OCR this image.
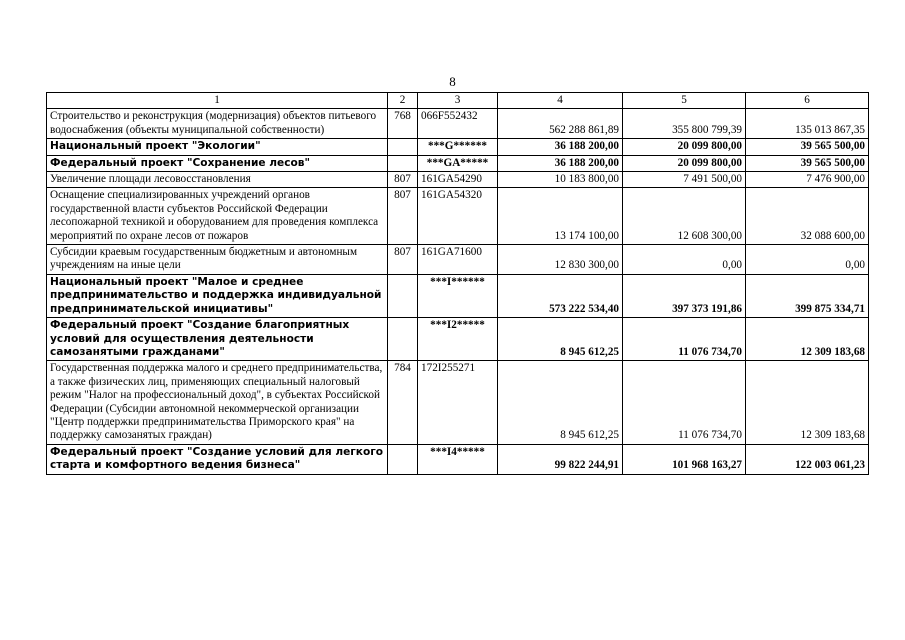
8
1	2	3	4	5	6
Строительство и реконструкция (модернизация) объектов питьевого водоснабжения (объекты муниципальной собственности)	768	066F552432	562 288 861,89	355 800 799,39	135 013 867,35
Национальный проект "Экологии"		***G******	36 188 200,00	20 099 800,00	39 565 500,00
Федеральный проект "Сохранение лесов"		***GA*****	36 188 200,00	20 099 800,00	39 565 500,00
Увеличение площади лесовосстановления	807	161GA54290	10 183 800,00	7 491 500,00	7 476 900,00
Оснащение специализированных учреждений органов государственной власти субъектов Российской Федерации лесопожарной техникой и оборудованием для проведения комплекса мероприятий по охране лесов от пожаров	807	161GA54320	13 174 100,00	12 608 300,00	32 088 600,00
Субсидии краевым государственным бюджетным и автономным учреждениям на иные цели	807	161GA71600	12 830 300,00	0,00	0,00
Национальный проект "Малое и среднее предпринимательство и поддержка индивидуальной предпринимательской инициативы"		***I******	573 222 534,40	397 373 191,86	399 875 334,71
Федеральный проект "Создание благоприятных условий для осуществления деятельности самозанятыми гражданами"		***I2*****	8 945 612,25	11 076 734,70	12 309 183,68
Государственная поддержка малого и среднего предпринимательства, а также физических лиц, применяющих специальный налоговый режим "Налог на профессиональный доход", в субъектах Российской Федерации (Субсидии автономной некоммерческой организации "Центр поддержки предпринимательства Приморского края" на поддержку самозанятых граждан)	784	172I255271	8 945 612,25	11 076 734,70	12 309 183,68
Федеральный проект "Создание условий для легкого старта и комфортного ведения бизнеса"		***I4*****	99 822 244,91	101 968 163,27	122 003 061,23
